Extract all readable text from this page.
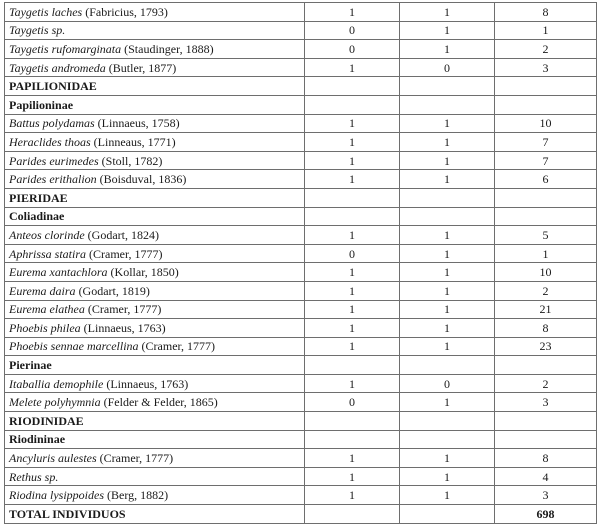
Taygetis laches (Fabricius, 1793)	1	1	8
Taygetis sp.	0	1	1
Taygetis rufomarginata (Staudinger, 1888)	0	1	2
Taygetis andromeda (Butler, 1877)	1	0	3
PAPILIONIDAE			
Papilioninae			
Battus polydamas (Linnaeus, 1758)	1	1	10
Heraclides thoas (Linneaus, 1771)	1	1	7
Parides eurimedes (Stoll, 1782)	1	1	7
Parides erithalion (Boisduval, 1836)	1	1	6
PIERIDAE			
Coliadinae			
Anteos clorinde (Godart, 1824)	1	1	5
Aphrissa statira (Cramer, 1777)	0	1	1
Eurema xantachlora (Kollar, 1850)	1	1	10
Eurema daira (Godart, 1819)	1	1	2
Eurema elathea (Cramer, 1777)	1	1	21
Phoebis philea (Linnaeus, 1763)	1	1	8
Phoebis sennae marcellina (Cramer, 1777)	1	1	23
Pierinae			
Itaballia demophile (Linnaeus, 1763)	1	0	2
Melete polyhymnia (Felder & Felder, 1865)	0	1	3
RIODINIDAE			
Riodininae			
Ancyluris aulestes (Cramer, 1777)	1	1	8
Rethus sp.	1	1	4
Riodina lysippoides (Berg, 1882)	1	1	3
TOTAL INDIVIDUOS			698
